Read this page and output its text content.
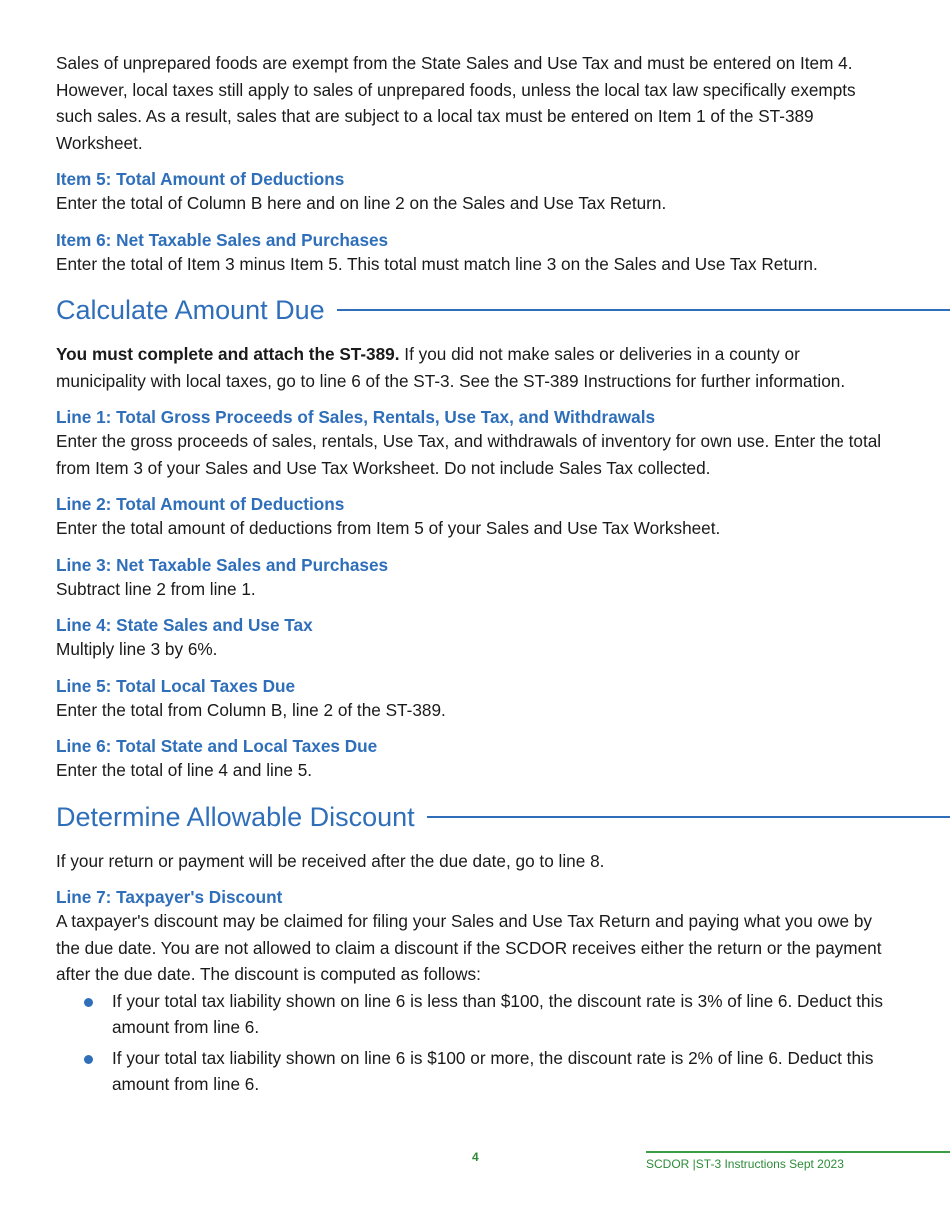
Sales of unprepared foods are exempt from the State Sales and Use Tax and must be entered on Item 4. However, local taxes still apply to sales of unprepared foods, unless the local tax law specifically exempts such sales. As a result, sales that are subject to a local tax must be entered on Item 1 of the ST-389 Worksheet.

Item 5: Total Amount of Deductions

Enter the total of Column B here and on line 2 on the Sales and Use Tax Return.

Item 6: Net Taxable Sales and Purchases

Enter the total of Item 3 minus Item 5. This total must match line 3 on the Sales and Use Tax Return.

Calculate Amount Due

You must complete and attach the ST-389. If you did not make sales or deliveries in a county or municipality with local taxes, go to line 6 of the ST-3. See the ST-389 Instructions for further information.

Line 1: Total Gross Proceeds of Sales, Rentals, Use Tax, and Withdrawals

Enter the gross proceeds of sales, rentals, Use Tax, and withdrawals of inventory for own use. Enter the total from Item 3 of your Sales and Use Tax Worksheet. Do not include Sales Tax collected.

Line 2: Total Amount of Deductions

Enter the total amount of deductions from Item 5 of your Sales and Use Tax Worksheet.

Line 3: Net Taxable Sales and Purchases

Subtract line 2 from line 1.

Line 4: State Sales and Use Tax

Multiply line 3 by 6%.

Line 5: Total Local Taxes Due

Enter the total from Column B, line 2 of the ST-389.

Line 6: Total State and Local Taxes Due

Enter the total of line 4 and line 5.

Determine Allowable Discount

If your return or payment will be received after the due date, go to line 8.

Line 7: Taxpayer's Discount

A taxpayer's discount may be claimed for filing your Sales and Use Tax Return and paying what you owe by the due date. You are not allowed to claim a discount if the SCDOR receives either the return or the payment after the due date. The discount is computed as follows:

If your total tax liability shown on line 6 is less than $100, the discount rate is 3% of line 6. Deduct this amount from line 6.
If your total tax liability shown on line 6 is $100 or more, the discount rate is 2% of line 6. Deduct this amount from line 6.
4	SCDOR |ST-3 Instructions Sept 2023
